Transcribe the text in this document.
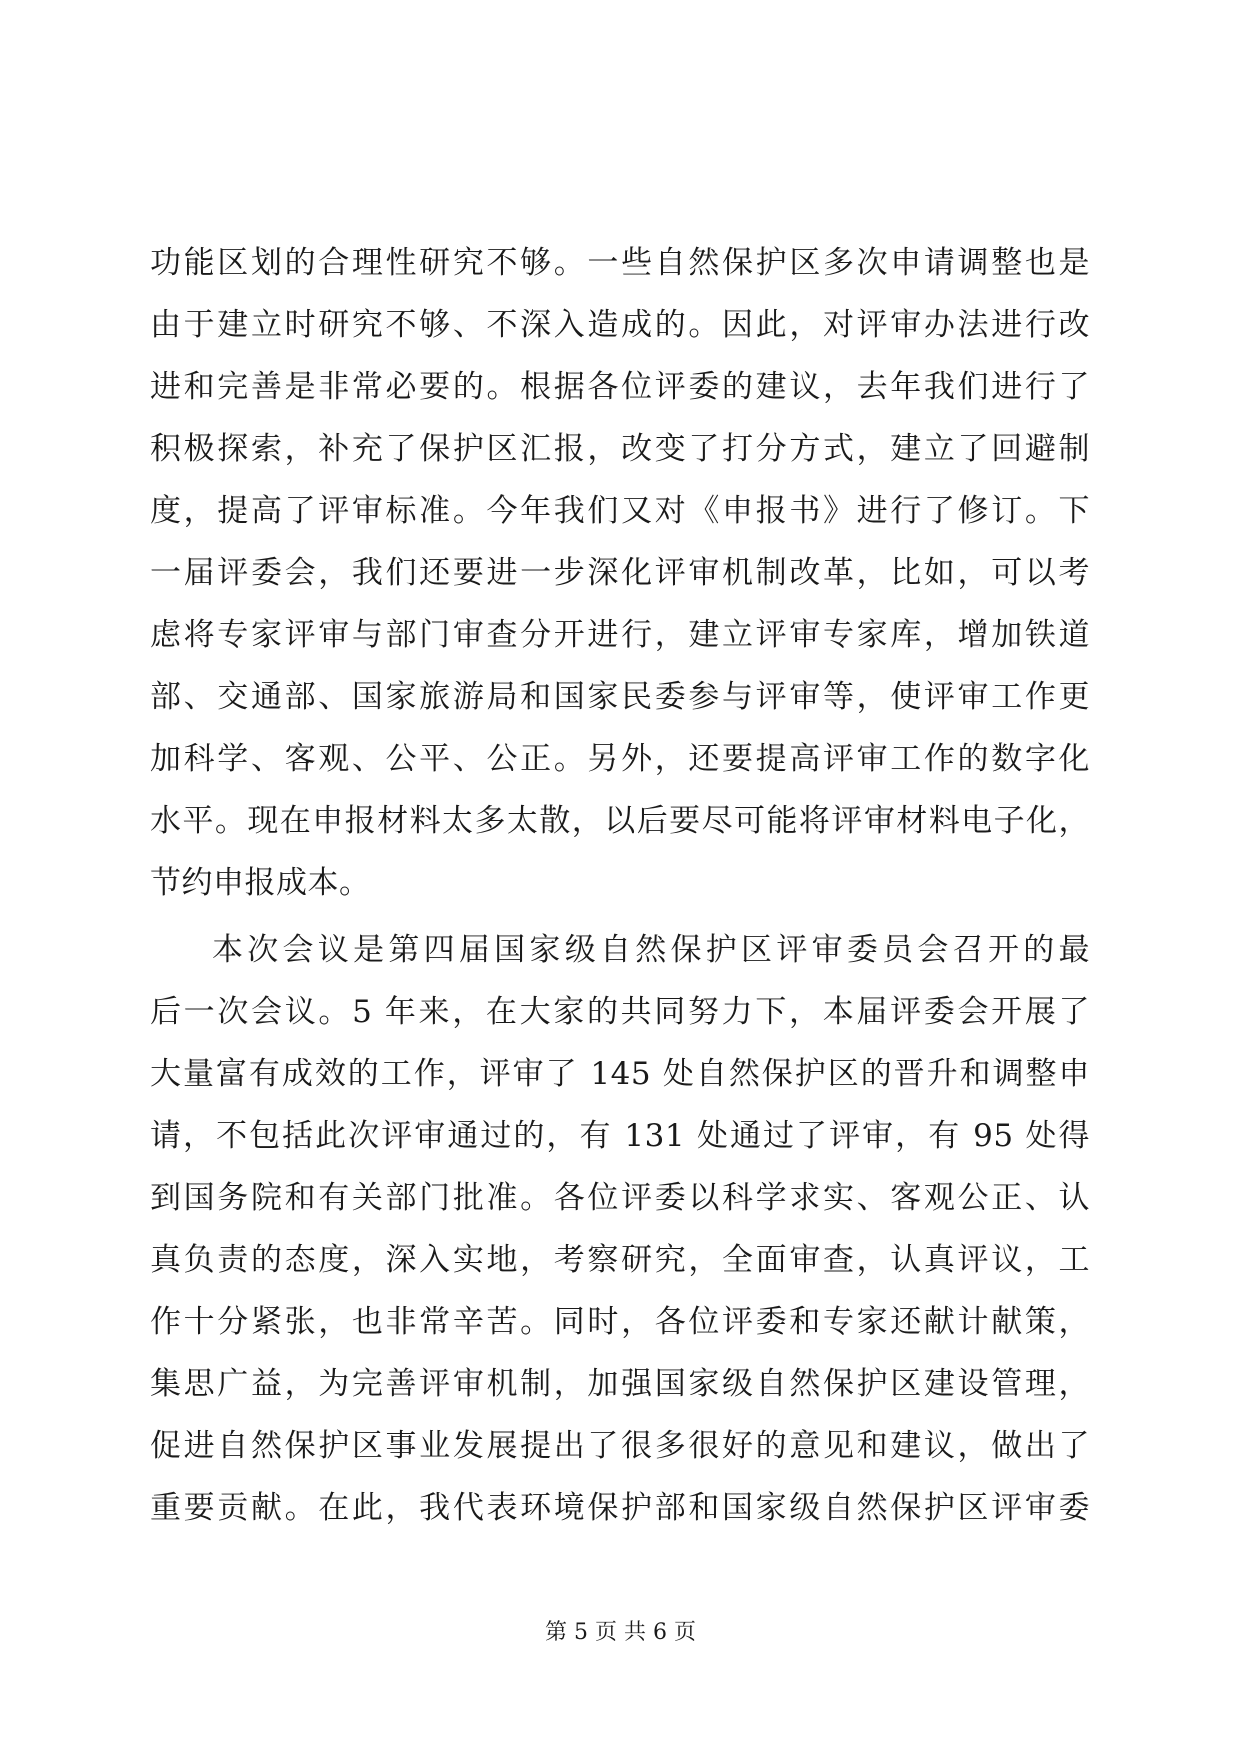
功能区划的合理性研究不够。一些自然保护区多次申请调整也是
由于建立时研究不够、不深入造成的。因此，对评审办法进行改
进和完善是非常必要的。根据各位评委的建议，去年我们进行了
积极探索，补充了保护区汇报，改变了打分方式，建立了回避制
度，提高了评审标准。今年我们又对《申报书》进行了修订。下
一届评委会，我们还要进一步深化评审机制改革，比如，可以考
虑将专家评审与部门审查分开进行，建立评审专家库，增加铁道
部、交通部、国家旅游局和国家民委参与评审等，使评审工作更
加科学、客观、公平、公正。另外，还要提高评审工作的数字化
水平。现在申报材料太多太散，以后要尽可能将评审材料电子化，
节约申报成本。
本次会议是第四届国家级自然保护区评审委员会召开的最
后一次会议。5 年来，在大家的共同努力下，本届评委会开展了
大量富有成效的工作，评审了 145 处自然保护区的晋升和调整申
请，不包括此次评审通过的，有 131 处通过了评审，有 95 处得
到国务院和有关部门批准。各位评委以科学求实、客观公正、认
真负责的态度，深入实地，考察研究，全面审查，认真评议，工
作十分紧张，也非常辛苦。同时，各位评委和专家还献计献策，
集思广益，为完善评审机制，加强国家级自然保护区建设管理，
促进自然保护区事业发展提出了很多很好的意见和建议，做出了
重要贡献。在此，我代表环境保护部和国家级自然保护区评审委
第 5 页 共 6 页
